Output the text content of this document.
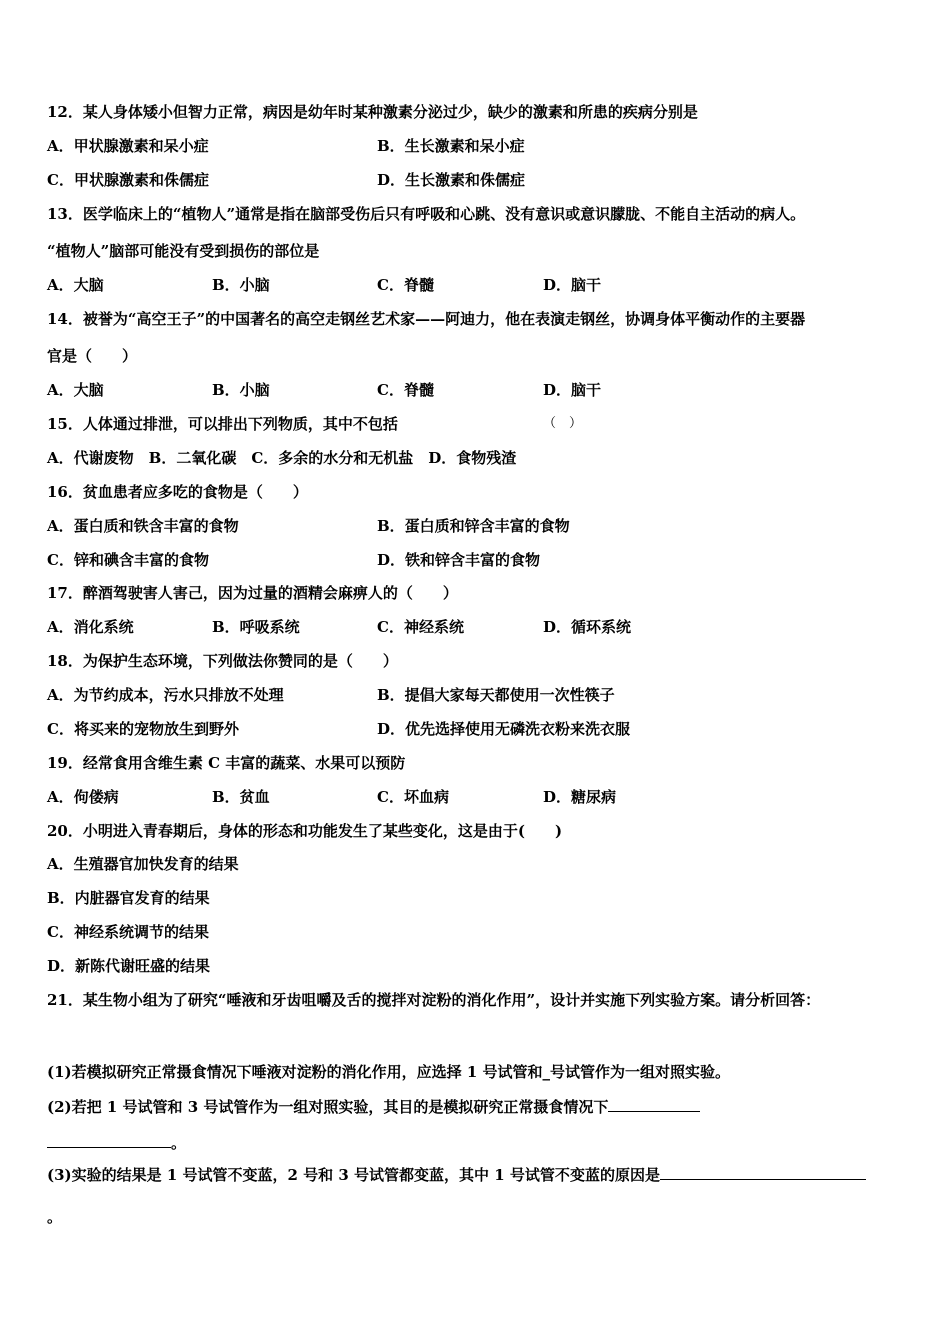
12．某人身体矮小但智力正常，病因是幼年时某种激素分泌过少，缺少的激素和所患的疾病分别是
A．甲状腺激素和呆小症	B．生长激素和呆小症
C．甲状腺激素和侏儒症	D．生长激素和侏儒症
13．医学临床上的“植物人”通常是指在脑部受伤后只有呼吸和心跳、没有意识或意识朦胧、不能自主活动的病人。
“植物人”脑部可能没有受到损伤的部位是
A．大脑	B．小脑	C．脊髓	D．脑干
14．被誉为“高空王子”的中国著名的高空走钢丝艺术家——阿迪力，他在表演走钢丝，协调身体平衡动作的主要器
官是（　　）
A．大脑	B．小脑	C．脊髓	D．脑干
15．人体通过排泄，可以排出下列物质，其中不包括	（　）
A．代谢废物　B．二氧化碳　C．多余的水分和无机盐　D．食物残渣
16．贫血患者应多吃的食物是（　　）
A．蛋白质和铁含丰富的食物	B．蛋白质和锌含丰富的食物
C．锌和碘含丰富的食物	D．铁和锌含丰富的食物
17．醉酒驾驶害人害己，因为过量的酒精会麻痹人的（　　）
A．消化系统	B．呼吸系统	C．神经系统	D．循环系统
18．为保护生态环境，下列做法你赞同的是（　　）
A．为节约成本，污水只排放不处理	B．提倡大家每天都使用一次性筷子
C．将买来的宠物放生到野外	D．优先选择使用无磷洗衣粉来洗衣服
19．经常食用含维生素 C 丰富的蔬菜、水果可以预防
A．佝偻病	B．贫血	C．坏血病	D．糖尿病
20．小明进入青春期后，身体的形态和功能发生了某些变化，这是由于(　　)
A．生殖器官加快发育的结果
B．内脏器官发育的结果
C．神经系统调节的结果
D．新陈代谢旺盛的结果
21．某生物小组为了研究“唾液和牙齿咀嚼及舌的搅拌对淀粉的消化作用”，设计并实施下列实验方案。请分析回答：
(1)若模拟研究正常摄食情况下唾液对淀粉的消化作用，应选择 1 号试管和_号试管作为一组对照实验。
(2)若把 1 号试管和 3 号试管作为一组对照实验，其目的是模拟研究正常摄食情况下
。
(3)实验的结果是 1 号试管不变蓝，2 号和 3 号试管都变蓝，其中 1 号试管不变蓝的原因是
。
